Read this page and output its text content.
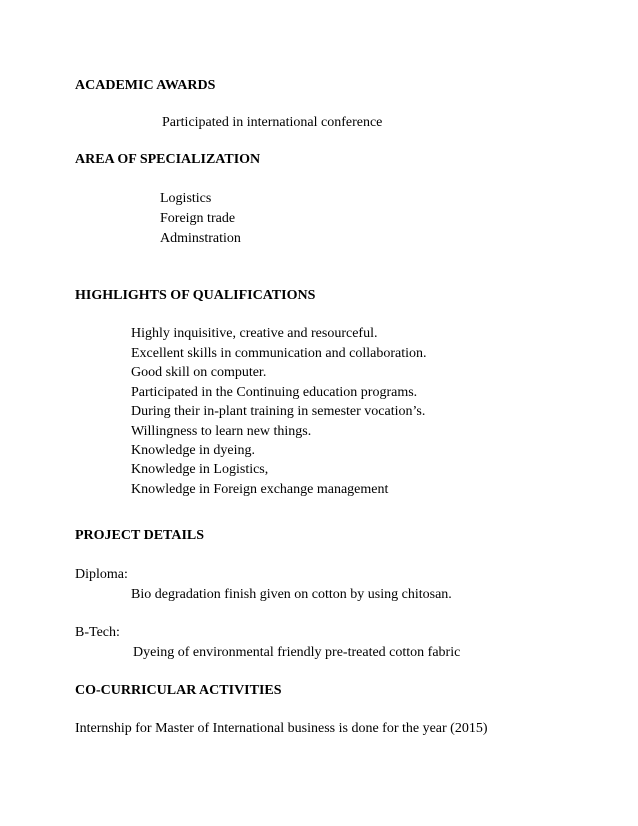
ACADEMIC AWARDS

Participated in international conference

AREA OF SPECIALIZATION

Logistics

Foreign trade

Adminstration

HIGHLIGHTS OF QUALIFICATIONS

Highly inquisitive, creative and resourceful.

Excellent skills in communication and collaboration.

Good skill on computer.

Participated in the Continuing education programs.

During their in-plant training in semester vocation’s.

Willingness to learn new things.

Knowledge in dyeing.

Knowledge in Logistics,

Knowledge in Foreign exchange management

PROJECT DETAILS

Diploma:

Bio degradation finish given on cotton by using chitosan.

B-Tech:

Dyeing of environmental friendly pre-treated cotton fabric

CO-CURRICULAR ACTIVITIES

Internship for Master of International business is done for the year (2015)
